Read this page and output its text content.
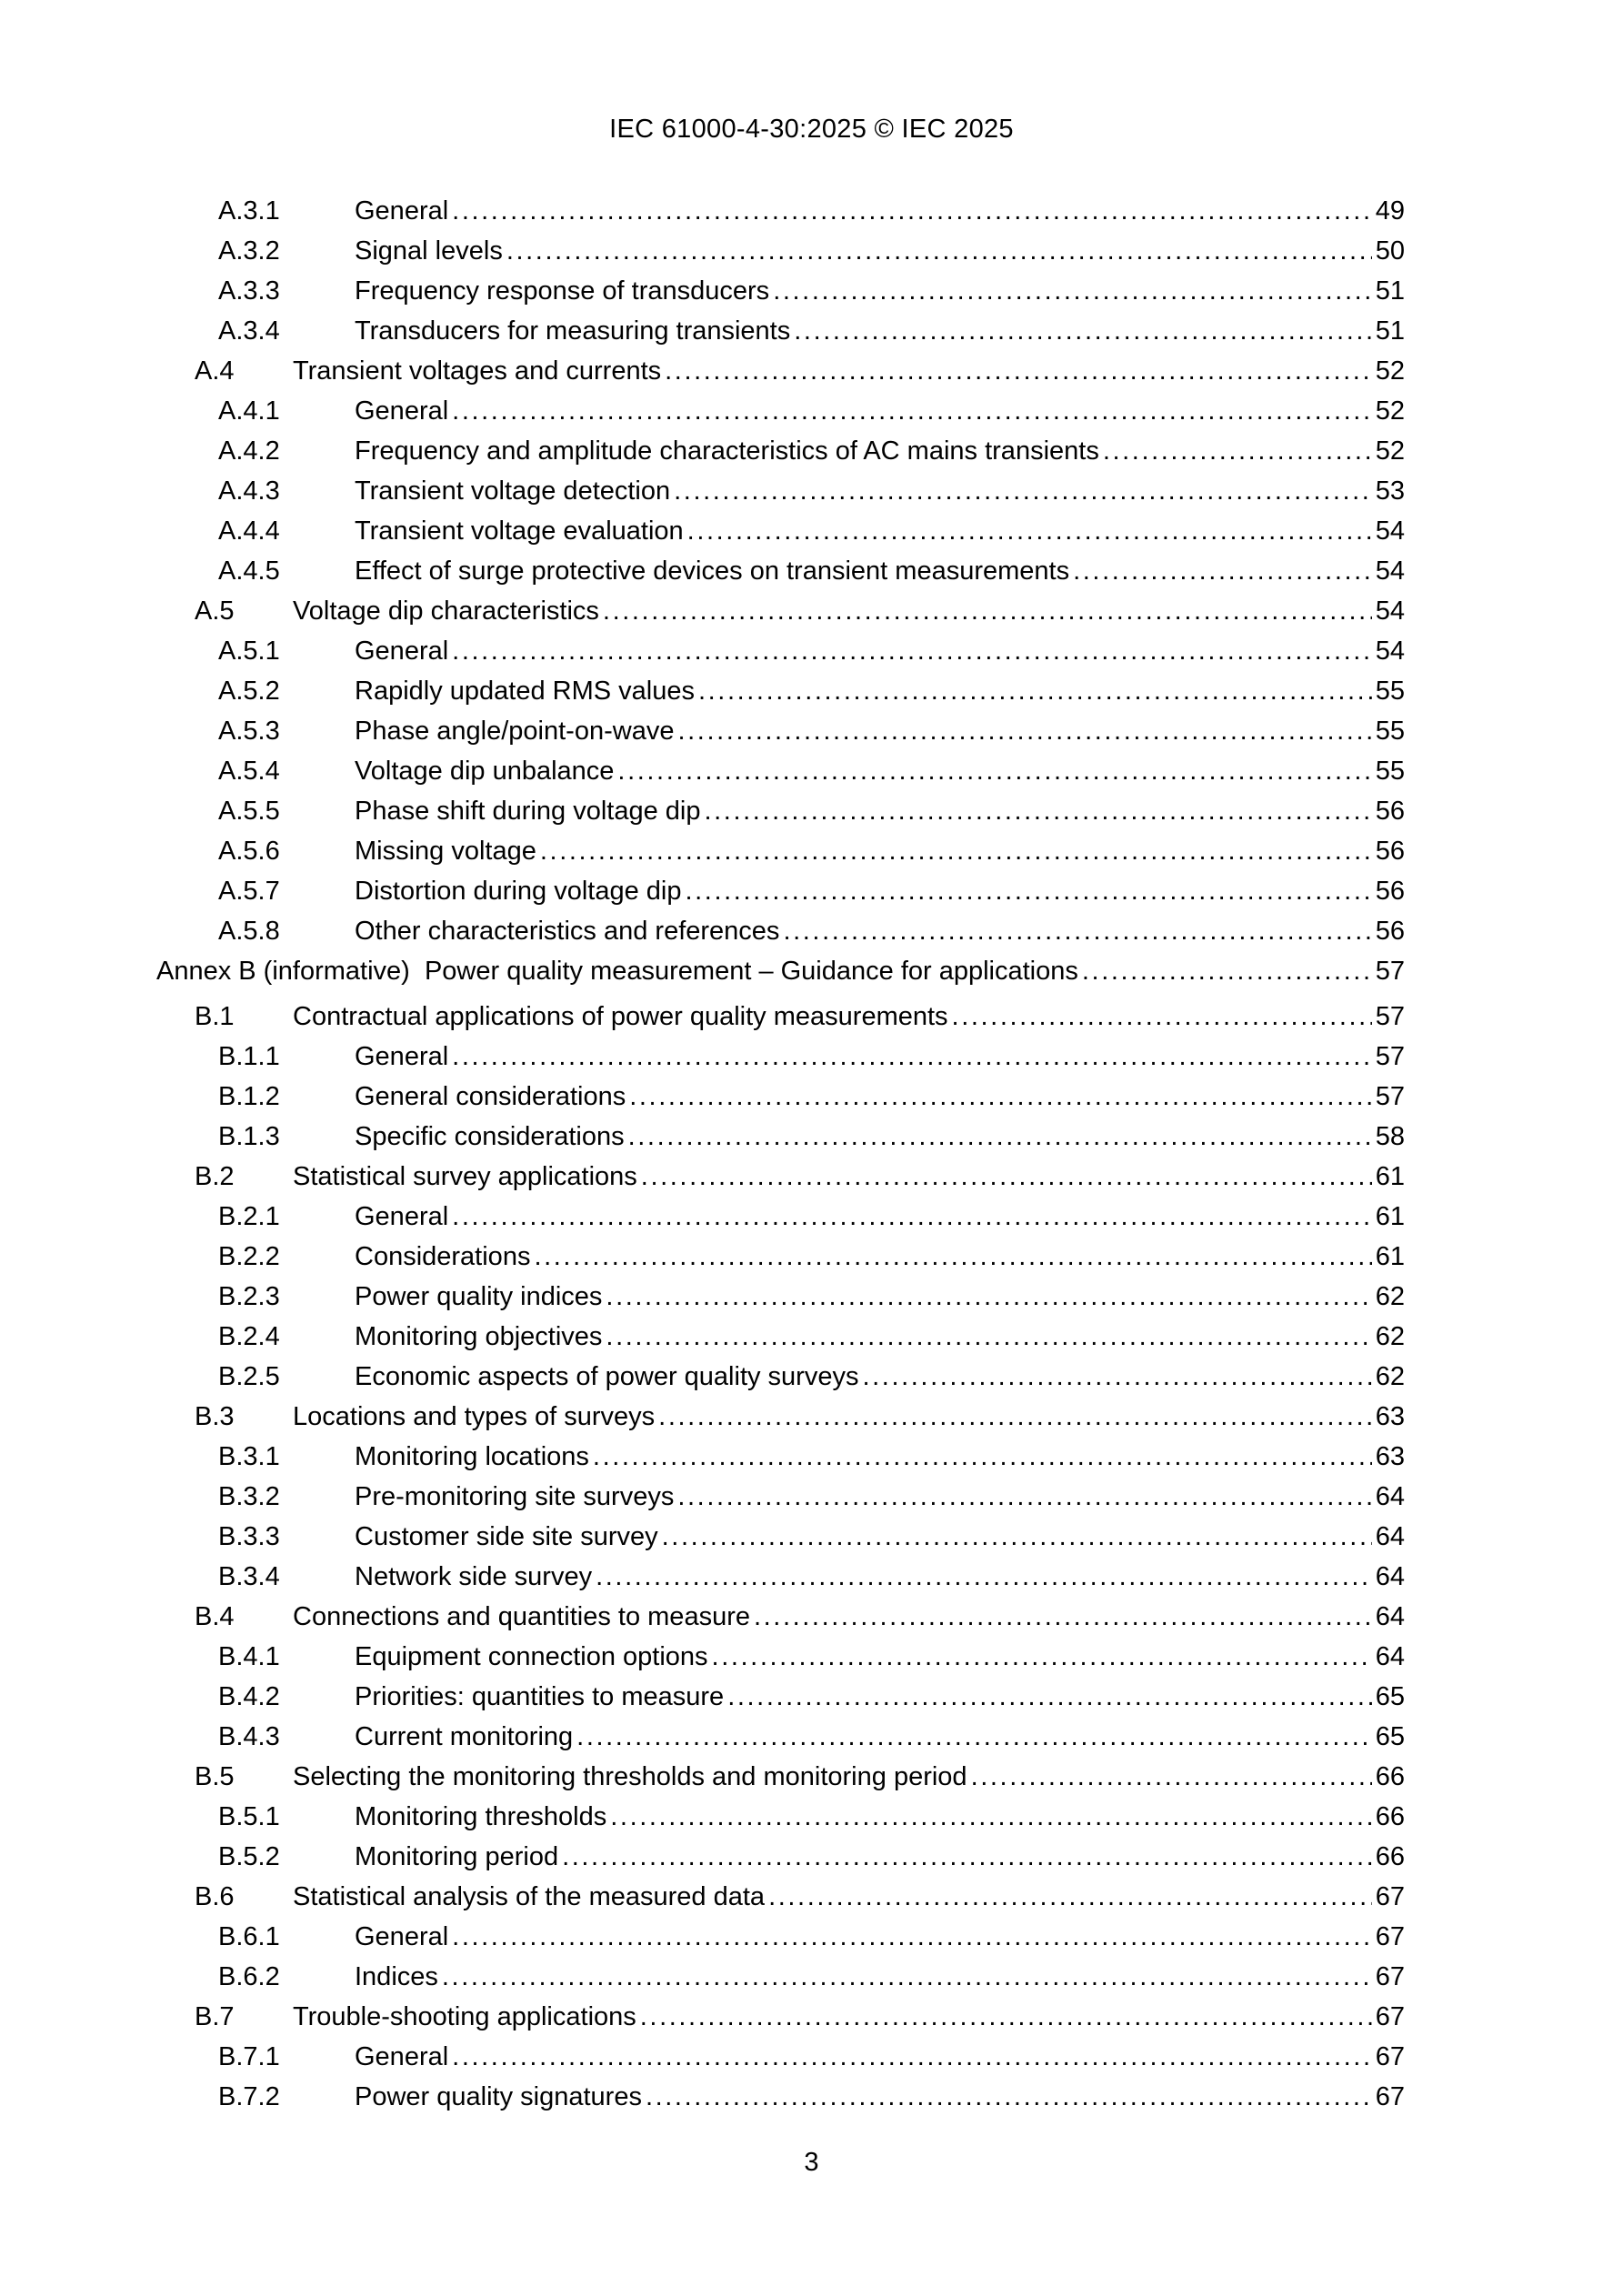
IEC 61000-4-30:2025 © IEC 2025
A.3.1	General .....	49
A.3.2	Signal levels .....	50
A.3.3	Frequency response of transducers .....	51
A.3.4	Transducers for measuring transients .....	51
A.4 Transient voltages and currents .....	52
A.4.1	General .....	52
A.4.2	Frequency and amplitude characteristics of AC mains transients .....	52
A.4.3	Transient voltage detection .....	53
A.4.4	Transient voltage evaluation .....	54
A.4.5	Effect of surge protective devices on transient measurements .....	54
A.5 Voltage dip characteristics .....	54
A.5.1	General .....	54
A.5.2	Rapidly updated RMS values .....	55
A.5.3	Phase angle/point-on-wave .....	55
A.5.4	Voltage dip unbalance .....	55
A.5.5	Phase shift during voltage dip .....	56
A.5.6	Missing voltage .....	56
A.5.7	Distortion during voltage dip .....	56
A.5.8	Other characteristics and references .....	56
Annex B (informative)  Power quality measurement – Guidance for applications .....	57
B.1 Contractual applications of power quality measurements .....	57
B.1.1	General .....	57
B.1.2	General considerations .....	57
B.1.3	Specific considerations .....	58
B.2 Statistical survey applications .....	61
B.2.1	General .....	61
B.2.2	Considerations .....	61
B.2.3	Power quality indices .....	62
B.2.4	Monitoring objectives .....	62
B.2.5	Economic aspects of power quality surveys .....	62
B.3 Locations and types of surveys .....	63
B.3.1	Monitoring locations .....	63
B.3.2	Pre-monitoring site surveys .....	64
B.3.3	Customer side site survey .....	64
B.3.4	Network side survey .....	64
B.4 Connections and quantities to measure .....	64
B.4.1	Equipment connection options .....	64
B.4.2	Priorities: quantities to measure .....	65
B.4.3	Current monitoring .....	65
B.5 Selecting the monitoring thresholds and monitoring period .....	66
B.5.1	Monitoring thresholds .....	66
B.5.2	Monitoring period .....	66
B.6 Statistical analysis of the measured data .....	67
B.6.1	General .....	67
B.6.2	Indices .....	67
B.7 Trouble-shooting applications .....	67
B.7.1	General .....	67
B.7.2	Power quality signatures .....	67
3
